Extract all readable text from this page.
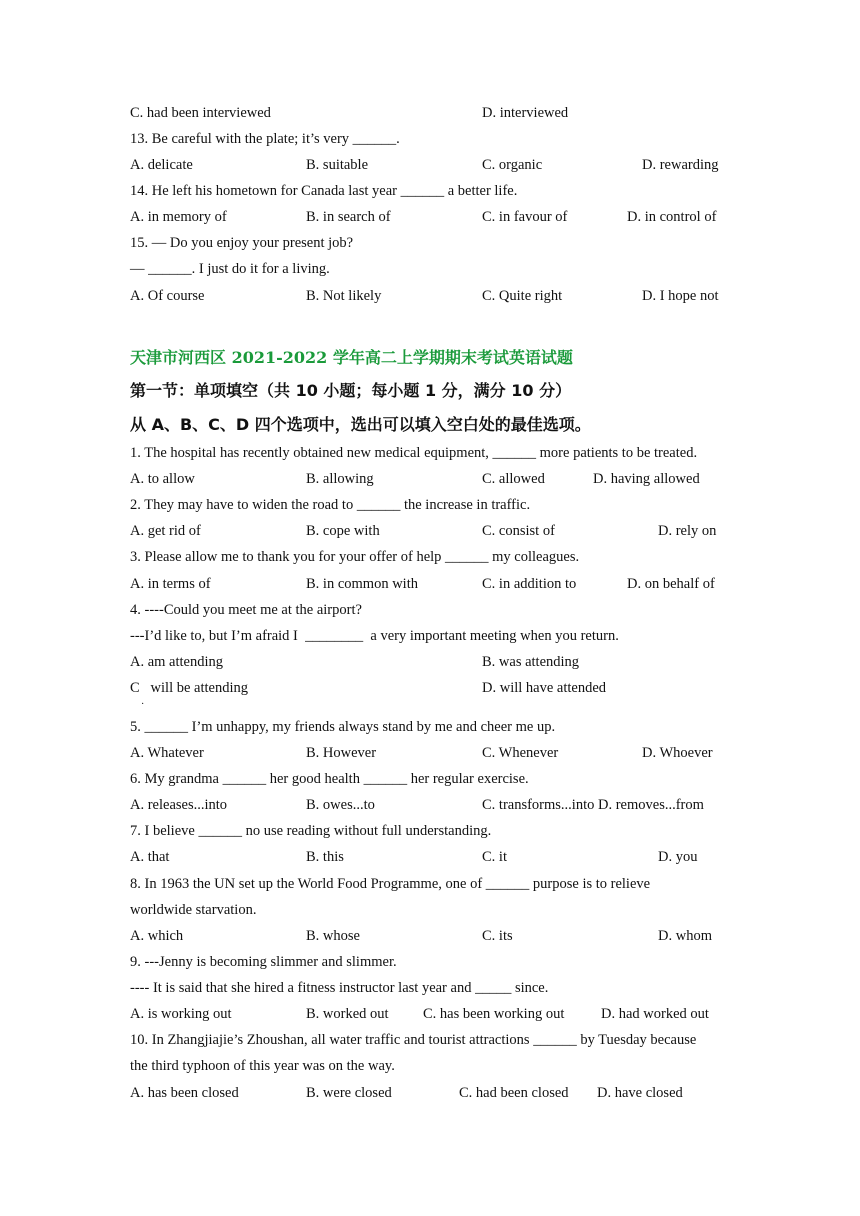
C. had been interviewed	D. interviewed
13. Be careful with the plate; it’s very ______.
A. delicate	B. suitable	C. organic	D. rewarding
14. He left his hometown for Canada last year ______ a better life.
A. in memory of	B. in search of	C. in favour of	D. in control of
15. — Do you enjoy your present job?
— ______. I just do it for a living.
A. Of course	B. Not likely	C. Quite right	D. I hope not
天津市河西区 2021-2022 学年高二上学期期末考试英语试题
第一节：单项填空（共 10 小题；每小题 1 分，满分 10 分）
从 A、B、C、D 四个选项中，选出可以填入空白处的最佳选项。
1. The hospital has recently obtained new medical equipment, ______ more patients to be treated.
A. to allow	B. allowing	C. allowed	D. having allowed
2. They may have to widen the road to ______ the increase in traffic.
A. get rid of	B. cope with	C. consist of	D. rely on
3. Please allow me to thank you for your offer of help ______ my colleagues.
A. in terms of	B. in common with	C. in addition to	D. on behalf of
4. ----Could you meet me at the airport?
---I’d like to, but I’m afraid I  ________  a very important meeting when you return.
A. am attending	B. was attending
C   will be attending	D. will have attended
·
5. ______ I’m unhappy, my friends always stand by me and cheer me up.
A. Whatever	B. However	C. Whenever	D. Whoever
6. My grandma ______ her good health ______ her regular exercise.
A. releases...into	B. owes...to	C. transforms...into D. removes...from
7. I believe ______ no use reading without full understanding.
A. that	B. this	C. it	D. you
8. In 1963 the UN set up the World Food Programme, one of ______ purpose is to relieve
worldwide starvation.
A. which	B. whose	C. its	D. whom
9. ---Jenny is becoming slimmer and slimmer.
---- It is said that she hired a fitness instructor last year and _____ since.
A. is working out	B. worked out C. has been working out	D. had worked out
10. In Zhangjiajie’s Zhoushan, all water traffic and tourist attractions ______ by Tuesday because
the third typhoon of this year was on the way.
A. has been closed	B. were closed	C. had been closed D. have closed
